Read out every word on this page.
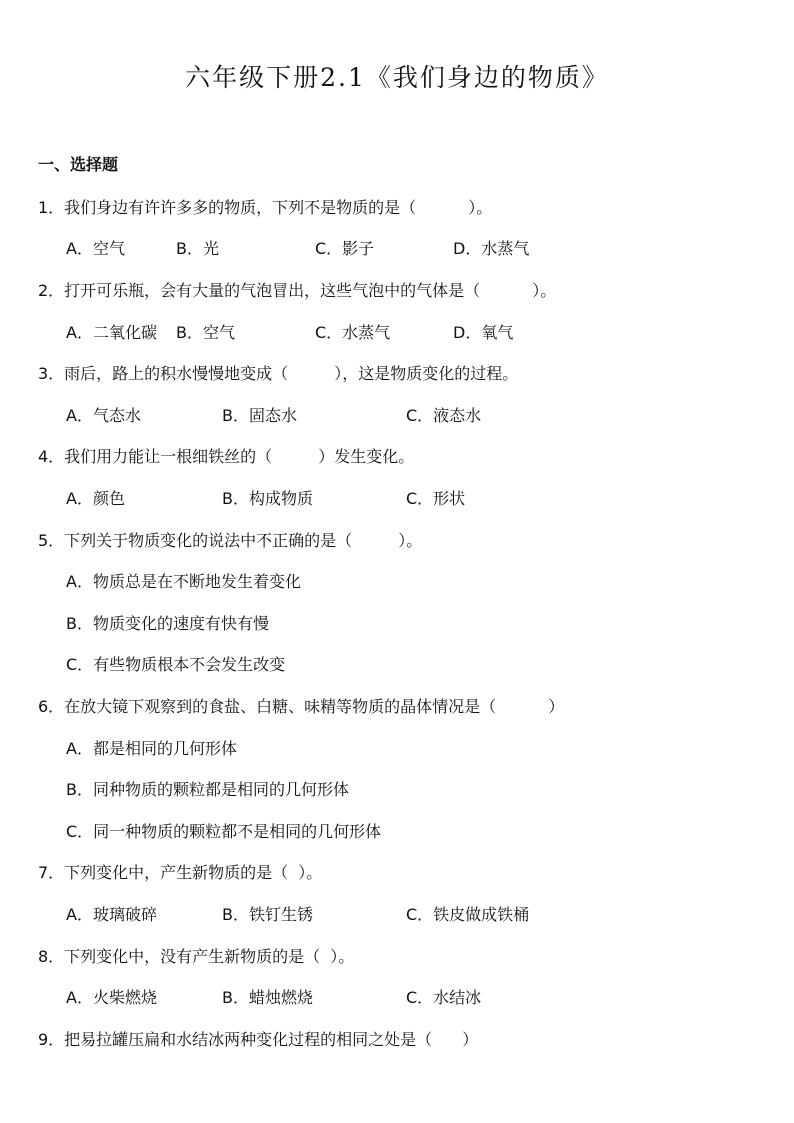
六年级下册2.1《我们身边的物质》
一、选择题
1．我们身边有许许多多的物质，下列不是物质的是（	）。
A．空气	B．光	C．影子	D．水蒸气
2．打开可乐瓶，会有大量的气泡冒出，这些气泡中的气体是（	）。
A．二氧化碳 B．空气	C．水蒸气	D．氧气
3．雨后，路上的积水慢慢地变成（	），这是物质变化的过程。
A．气态水	B．固态水	C．液态水
4．我们用力能让一根细铁丝的（	）发生变化。
A．颜色	B．构成物质	C．形状
5．下列关于物质变化的说法中不正确的是（	）。
A．物质总是在不断地发生着变化
B．物质变化的速度有快有慢
C．有些物质根本不会发生改变
6．在放大镜下观察到的食盐、白糖、味精等物质的晶体情况是（	）
A．都是相同的几何形体
B．同种物质的颗粒都是相同的几何形体
C．同一种物质的颗粒都不是相同的几何形体
7．下列变化中，产生新物质的是（ ）。
A．玻璃破碎	B．铁钉生锈	C．铁皮做成铁桶
8．下列变化中，没有产生新物质的是（ ）。
A．火柴燃烧	B．蜡烛燃烧	C．水结冰
9．把易拉罐压扁和水结冰两种变化过程的相同之处是（ ）
